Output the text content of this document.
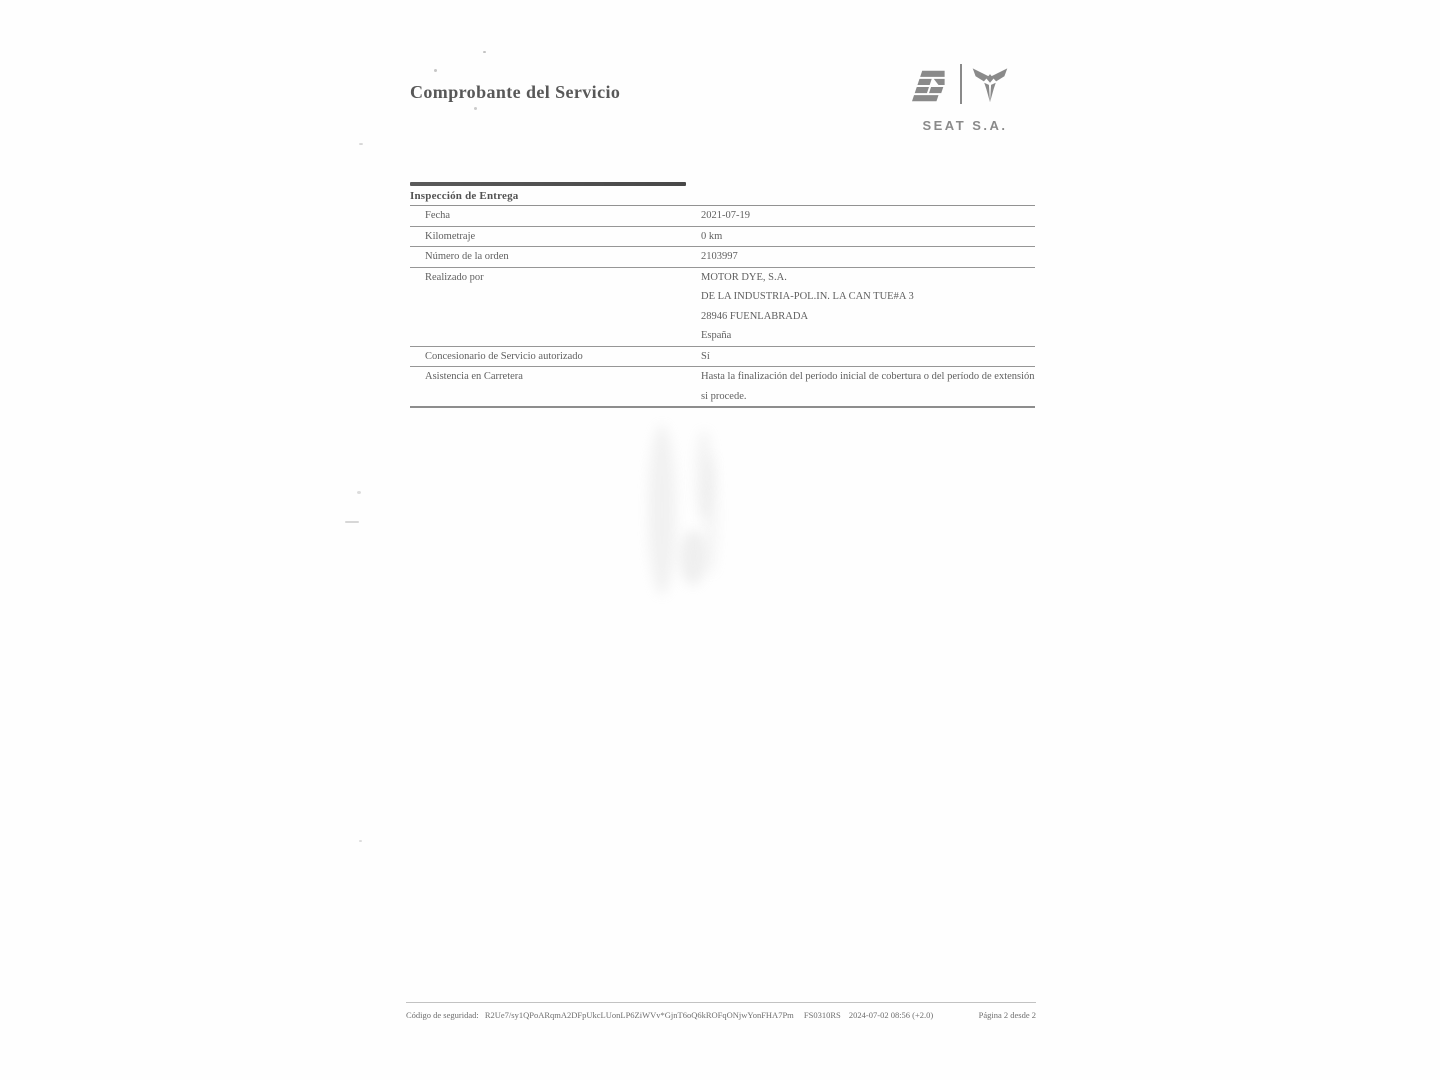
Comprobante del Servicio
SEAT S.A.
Inspección de Entrega
Fecha	2021-07-19
Kilometraje	0 km
Número de la orden	2103997
Realizado por	MOTOR DYE, S.A.
DE LA INDUSTRIA-POL.IN. LA CAN TUE#A 3
28946 FUENLABRADA
España
Concesionario de Servicio autorizado	Sí
Asistencia en Carretera	Hasta la finalización del período inicial de cobertura o del período de extensión
si procede.
Código de seguridad: R2Ue7/sy1QPoARqmA2DFpUkcLUonLP6ZiWVv*GjnT6oQ6kROFqONjwYonFHA7Pm FS0310RS 2024-07-02 08:56 (+2.0)	Página 2 desde 2
